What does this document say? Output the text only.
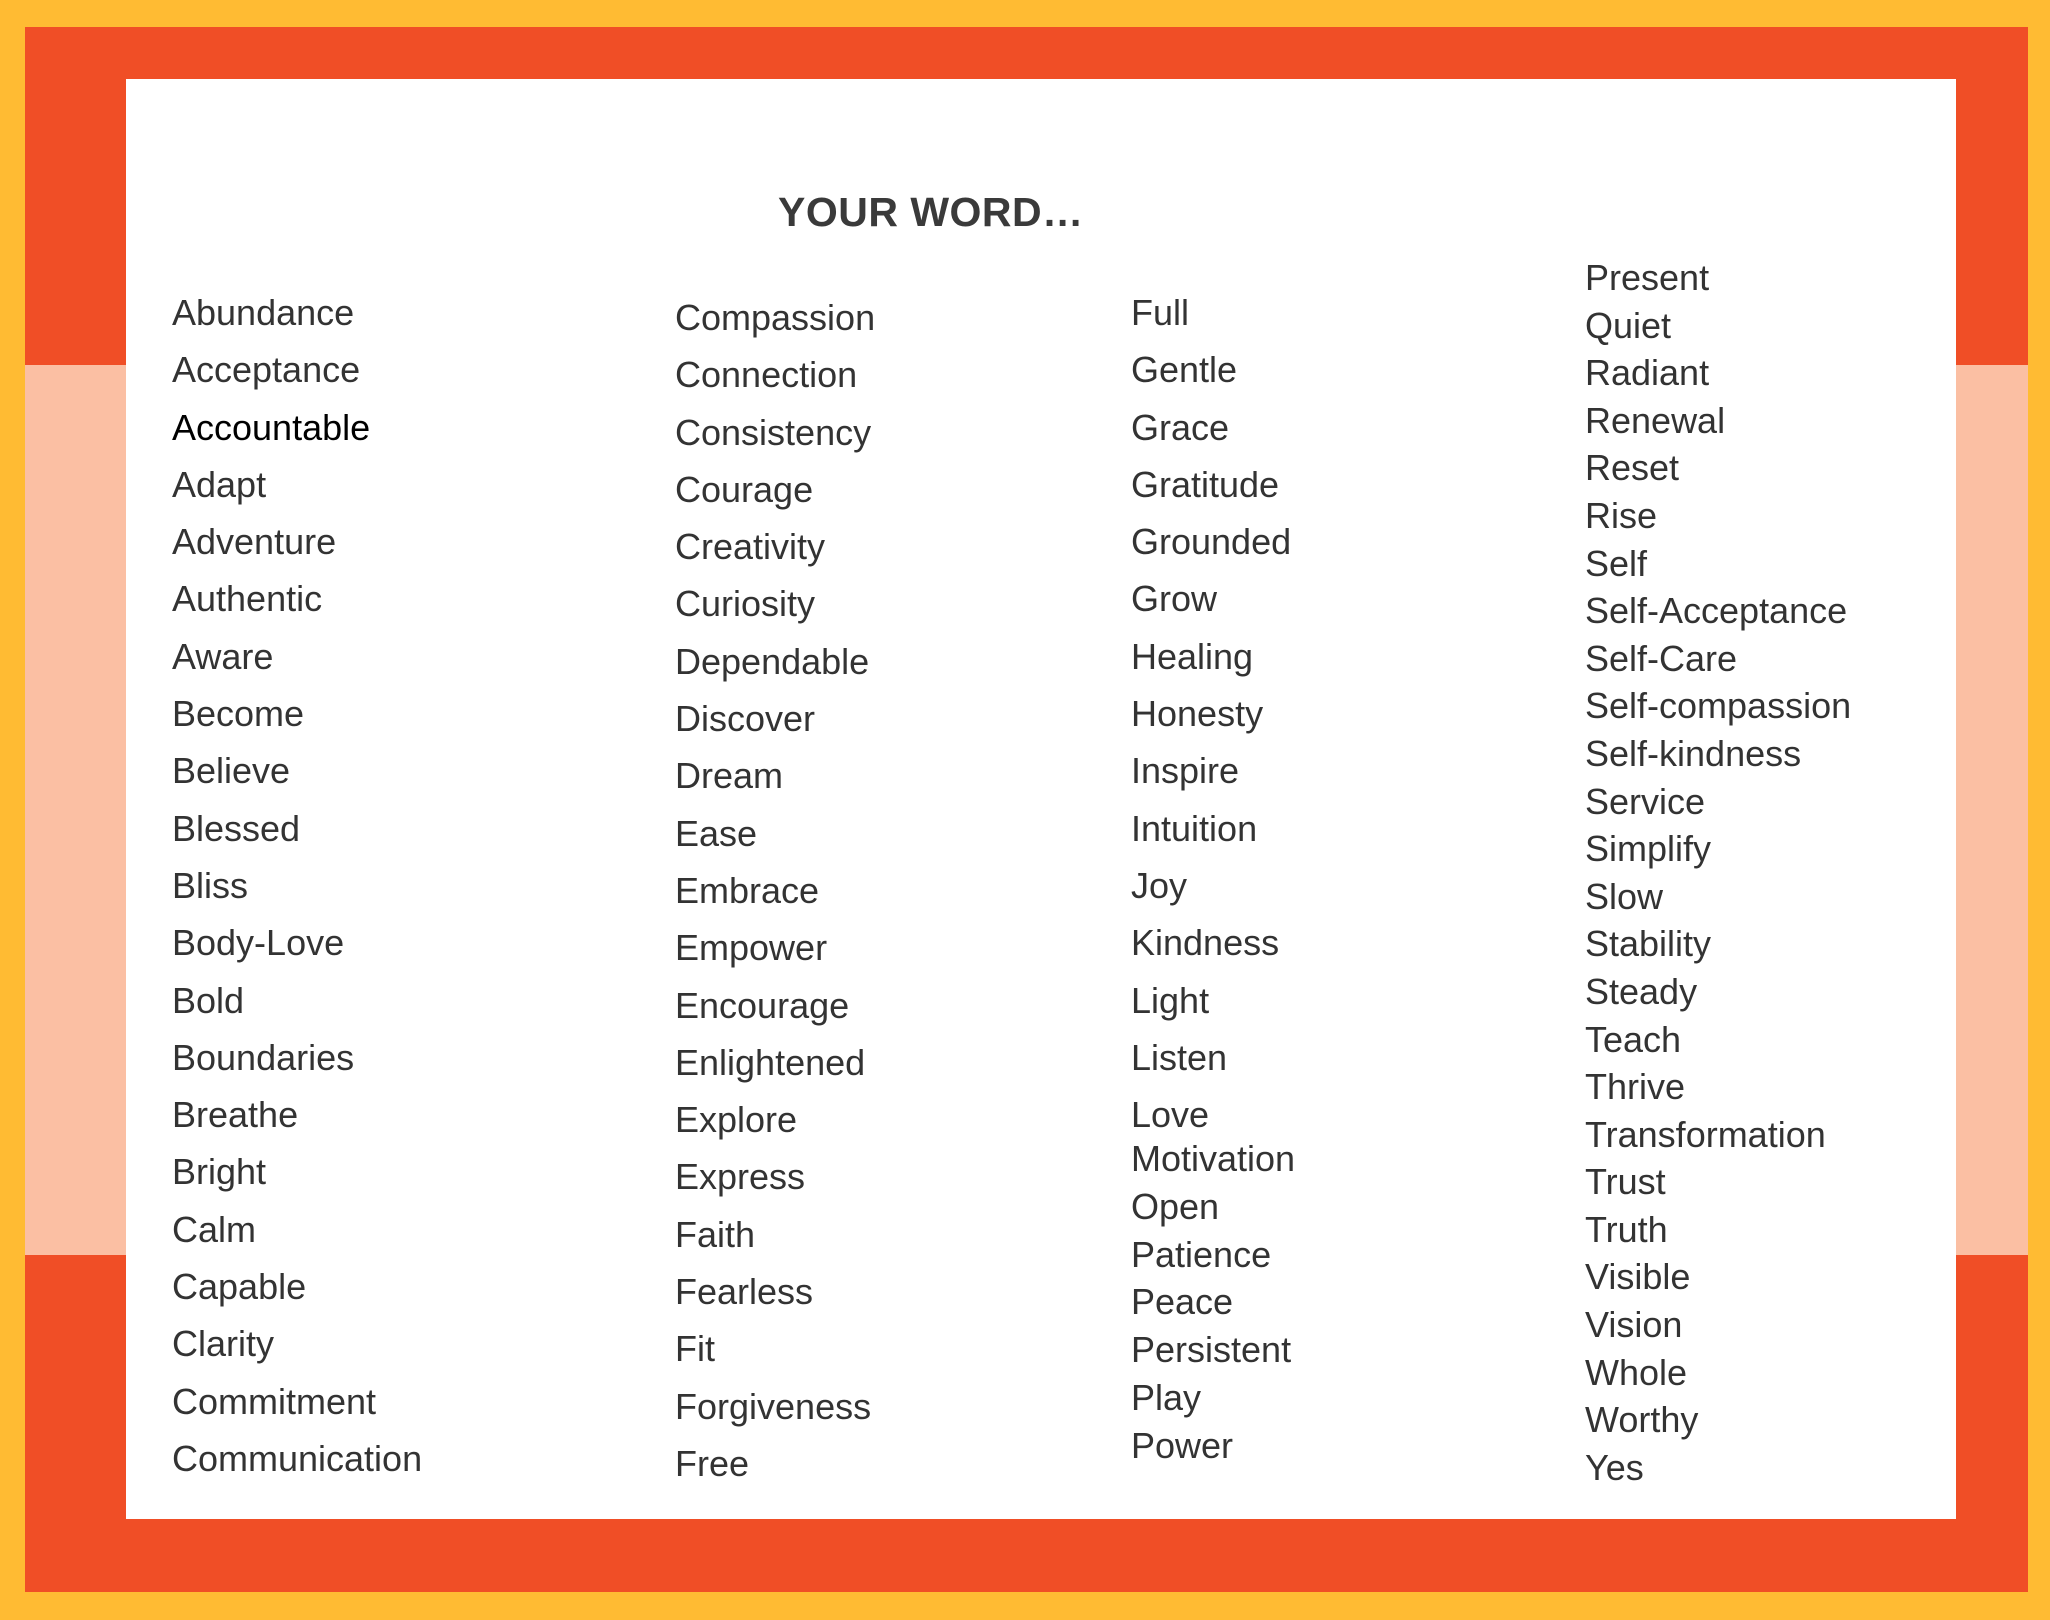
YOUR WORD…
Abundance
Acceptance
Accountable
Adapt
Adventure
Authentic
Aware
Become
Believe
Blessed
Bliss
Body-Love
Bold
Boundaries
Breathe
Bright
Calm
Capable
Clarity
Commitment
Communication
Compassion
Connection
Consistency
Courage
Creativity
Curiosity
Dependable
Discover
Dream
Ease
Embrace
Empower
Encourage
Enlightened
Explore
Express
Faith
Fearless
Fit
Forgiveness
Free
Full
Gentle
Grace
Gratitude
Grounded
Grow
Healing
Honesty
Inspire
Intuition
Joy
Kindness
Light
Listen
Love
Motivation
Open
Patience
Peace
Persistent
Play
Power
Present
Quiet
Radiant
Renewal
Reset
Rise
Self
Self-Acceptance
Self-Care
Self-compassion
Self-kindness
Service
Simplify
Slow
Stability
Steady
Teach
Thrive
Transformation
Trust
Truth
Visible
Vision
Whole
Worthy
Yes
